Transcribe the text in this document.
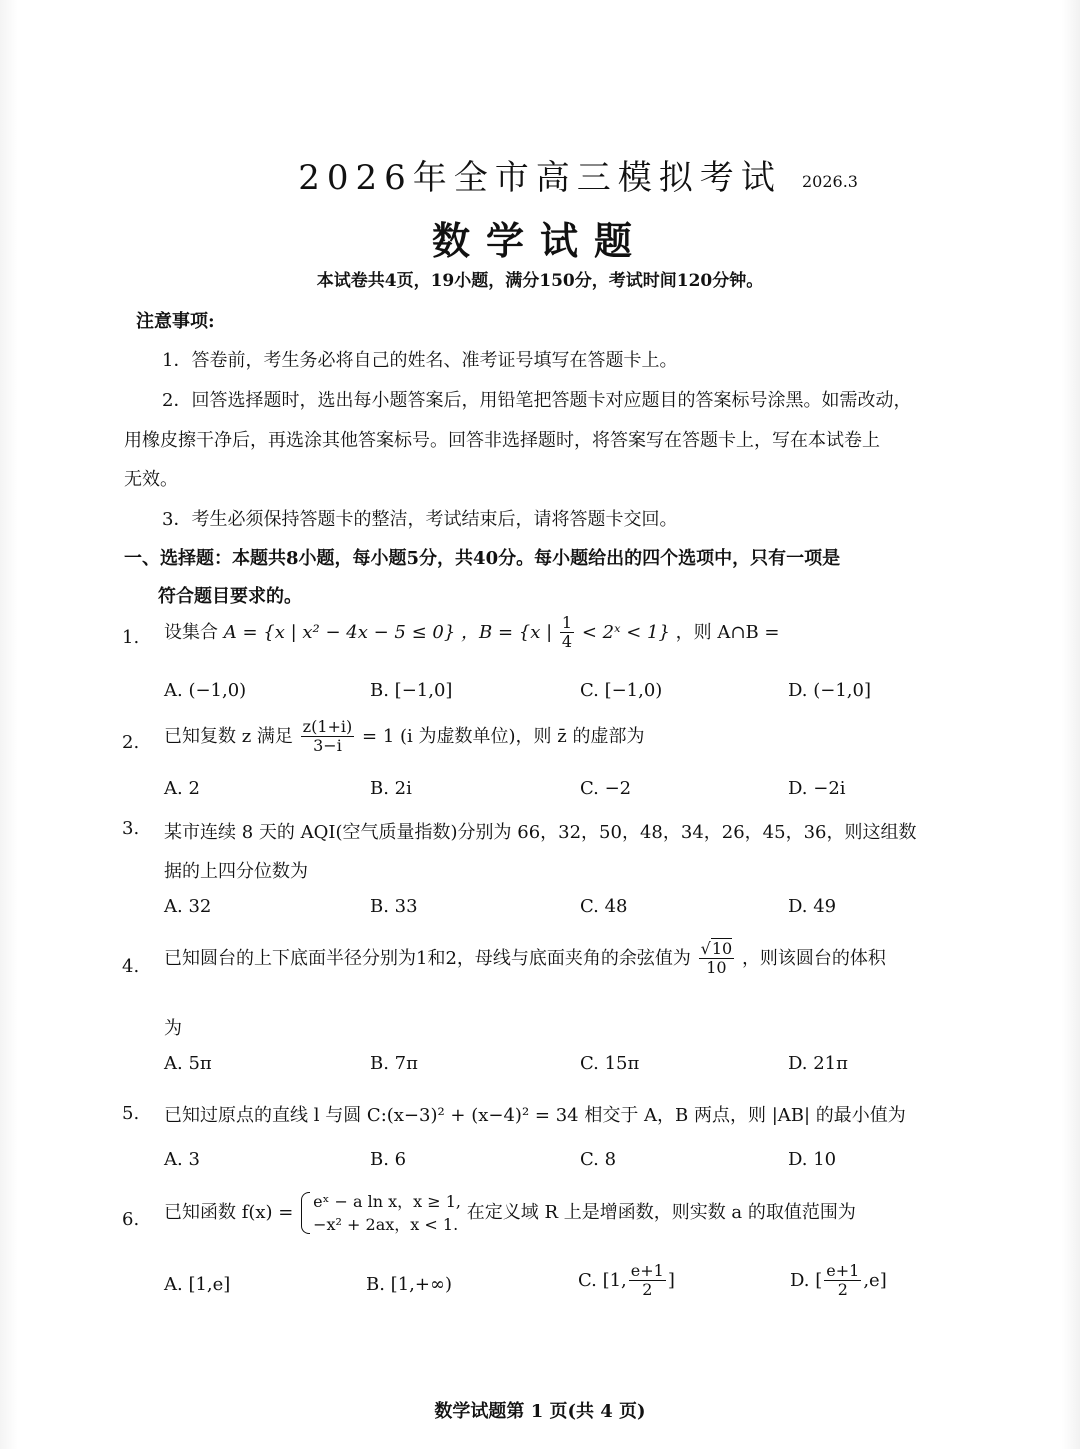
2026年全市高三模拟考试	2026.3
数学试题
本试卷共4页，19小题，满分150分，考试时间120分钟。
注意事项:
1．答卷前，考生务必将自己的姓名、准考证号填写在答题卡上。
2．回答选择题时，选出每小题答案后，用铅笔把答题卡对应题目的答案标号涂黑。如需改动，
用橡皮擦干净后，再选涂其他答案标号。回答非选择题时，将答案写在答题卡上，写在本试卷上
无效。
3．考生必须保持答题卡的整洁，考试结束后，请将答题卡交回。
一、选择题：本题共8小题，每小题5分，共40分。每小题给出的四个选项中，只有一项是
符合题目要求的。
1. 设集合 A = {x | x² − 4x − 5 ≤ 0} ，B = {x | $\frac{1}{4}$ < 2ˣ < 1} ，则 A∩B =
A. (−1,0)	B. [−1,0]	C. [−1,0)	D. (−1,0]
2. 已知复数 z 满足 $\frac{z(1+i)}{3-i} = 1$ (i 为虚数单位)，则 z̄ 的虚部为
A. 2	B. 2i	C. −2	D. −2i
3. 某市连续 8 天的 AQI(空气质量指数)分别为 66，32，50，48，34，26，45，36，则这组数
据的上四分位数为
A. 32	B. 33	C. 48	D. 49
4. 已知圆台的上下底面半径分别为1和2，母线与底面夹角的余弦值为 $\frac{√10}{10}$ ，则该圆台的体积
为
A. 5π	B. 7π	C. 15π	D. 21π
5. 已知过原点的直线 l 与圆 C:(x−3)² + (x−4)² = 34 相交于 A，B 两点，则 |AB| 的最小值为
A. 3	B. 6	C. 8	D. 10
6. 已知函数 f(x) =
eˣ − a ln x，x ≥ 1,
−x² + 2ax，x < 1.
在定义域 R 上是增函数，则实数 a 的取值范围为
A. [1,e]	B. [1,+∞)	C. [1, $\frac{e+1}{2}$ ]	D. [ $\frac{e+1}{2} ,e$]
数学试题第 1 页(共 4 页)
